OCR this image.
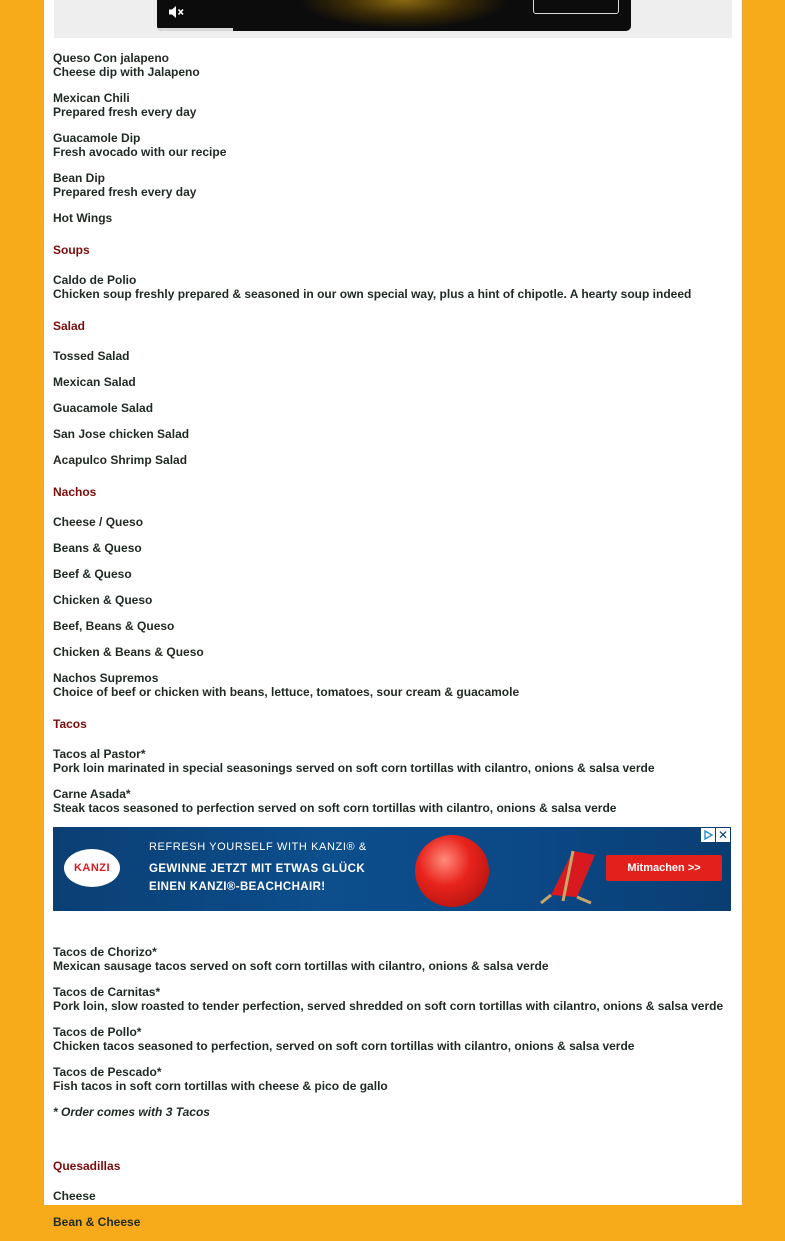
Queso Con jalapeno
Cheese dip with Jalapeno
Mexican Chili
Prepared fresh every day
Guacamole Dip
Fresh avocado with our recipe
Bean Dip
Prepared fresh every day
Hot Wings
Soups
Caldo de Polio
Chicken soup freshly prepared & seasoned in our own special way, plus a hint of chipotle. A hearty soup indeed
Salad
Tossed Salad
Mexican Salad
Guacamole Salad
San Jose chicken Salad
Acapulco Shrimp Salad
Nachos
Cheese / Queso
Beans & Queso
Beef & Queso
Chicken & Queso
Beef, Beans & Queso
Chicken & Beans & Queso
Nachos Supremos
Choice of beef or chicken with beans, lettuce, tomatoes, sour cream & guacamole
Tacos
Tacos al Pastor*
Pork loin marinated in special seasonings served on soft corn tortillas with cilantro, onions & salsa verde
Carne Asada*
Steak tacos seasoned to perfection served on soft corn tortillas with cilantro, onions & salsa verde
KANZI
REFRESH YOURSELF WITH KANZI® &
GEWINNE JETZT MIT ETWAS GLÜCK
EINEN KANZI®-BEACHCHAIR!
Mitmachen >>
✕
Tacos de Chorizo*
Mexican sausage tacos served on soft corn tortillas with cilantro, onions & salsa verde
Tacos de Carnitas*
Pork loin, slow roasted to tender perfection, served shredded on soft corn tortillas with cilantro, onions & salsa verde
Tacos de Pollo*
Chicken tacos seasoned to perfection, served on soft corn tortillas with cilantro, onions & salsa verde
Tacos de Pescado*
Fish tacos in soft corn tortillas with cheese & pico de gallo
* Order comes with 3 Tacos
Quesadillas
Cheese
Bean & Cheese
